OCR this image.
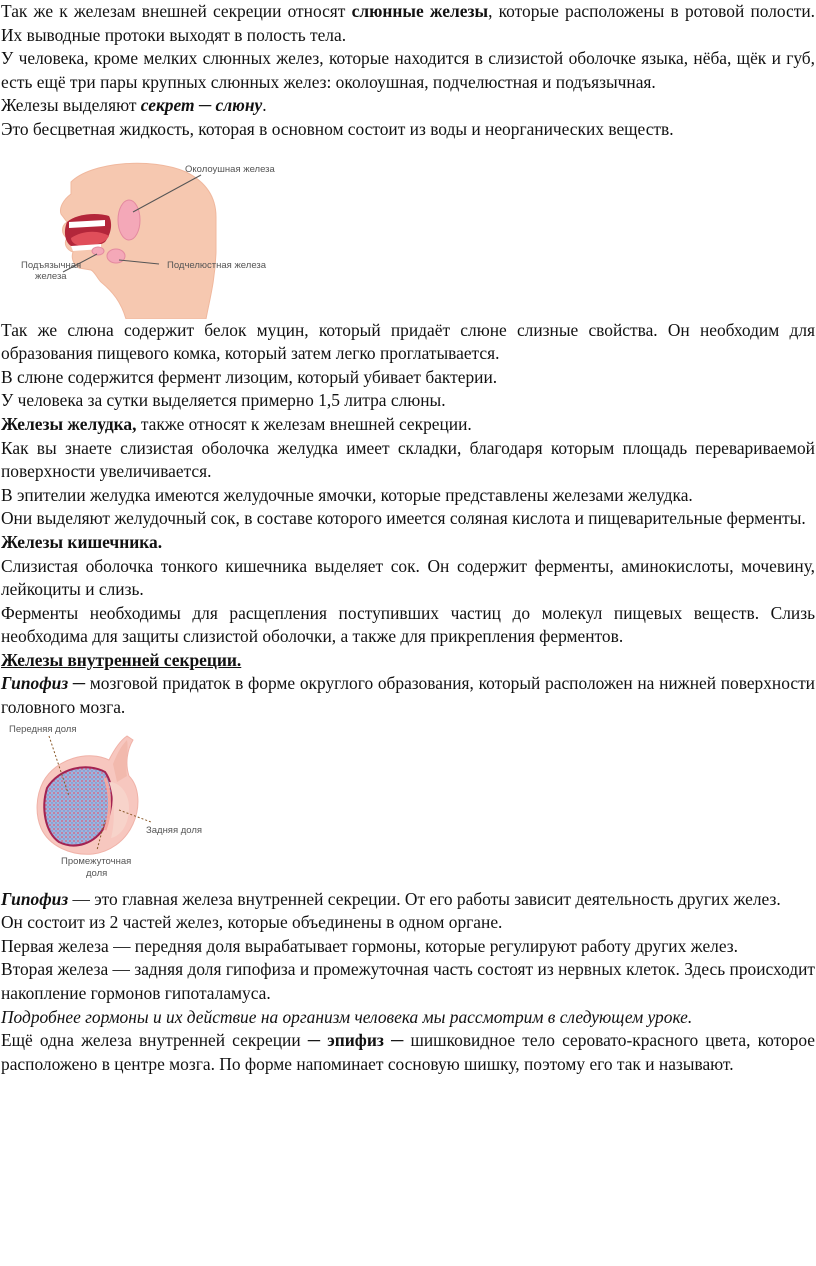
Так же к железам внешней секреции относят слюнные железы, которые расположены в ротовой полости. Их выводные протоки выходят в полость тела.

У человека, кроме мелких слюнных желез, которые находится в слизистой оболочке языка, нёба, щёк и губ, есть ещё три пары крупных слюнных желез: околоушная, подчелюстная и подъязычная.

Железы выделяют секрет ─ слюну.

Это бесцветная жидкость, которая в основном состоит из воды и неорганических веществ.

Околоушная железа
Подчелюстная железа
Подъязычная
железа

Так же слюна содержит белок муцин, который придаёт слюне слизные свойства. Он необходим для образования пищевого комка, который затем легко проглатывается.

В слюне содержится фермент лизоцим, который убивает бактерии.

У человека за сутки выделяется примерно 1,5 литра слюны.

Железы желудка, также относят к железам внешней секреции.

Как вы знаете слизистая оболочка желудка имеет складки, благодаря которым площадь перевариваемой поверхности увеличивается.

В эпителии желудка имеются желудочные ямочки, которые представлены железами желудка.

Они выделяют желудочный сок, в составе которого имеется соляная кислота и пищеварительные ферменты.

Железы кишечника.

Слизистая оболочка тонкого кишечника выделяет сок. Он содержит ферменты, аминокислоты, мочевину, лейкоциты и слизь.

Ферменты необходимы для расщепления поступивших частиц до молекул пищевых веществ. Слизь необходима для защиты слизистой оболочки, а также для прикрепления ферментов.

Железы внутренней секреции.

Гипофиз ─ мозговой придаток в форме округлого образования, который расположен на нижней поверхности головного мозга.

Передняя доля
Задняя доля
Промежуточная
доля

Гипофиз — это главная железа внутренней секреции. От его работы зависит деятельность других желез.

Он состоит из 2 частей желез, которые объединены в одном органе.

Первая железа — передняя доля вырабатывает гормоны, которые регулируют работу других желез.

Вторая железа — задняя доля гипофиза и промежуточная часть состоят из нервных клеток. Здесь происходит накопление гормонов гипоталамуса.

Подробнее гормоны и их действие на организм человека мы рассмотрим в следующем уроке.

Ещё одна железа внутренней секреции ─ эпифиз ─ шишковидное тело серовато-красного цвета, которое расположено в центре мозга. По форме напоминает сосновую шишку, поэтому его так и называют.
